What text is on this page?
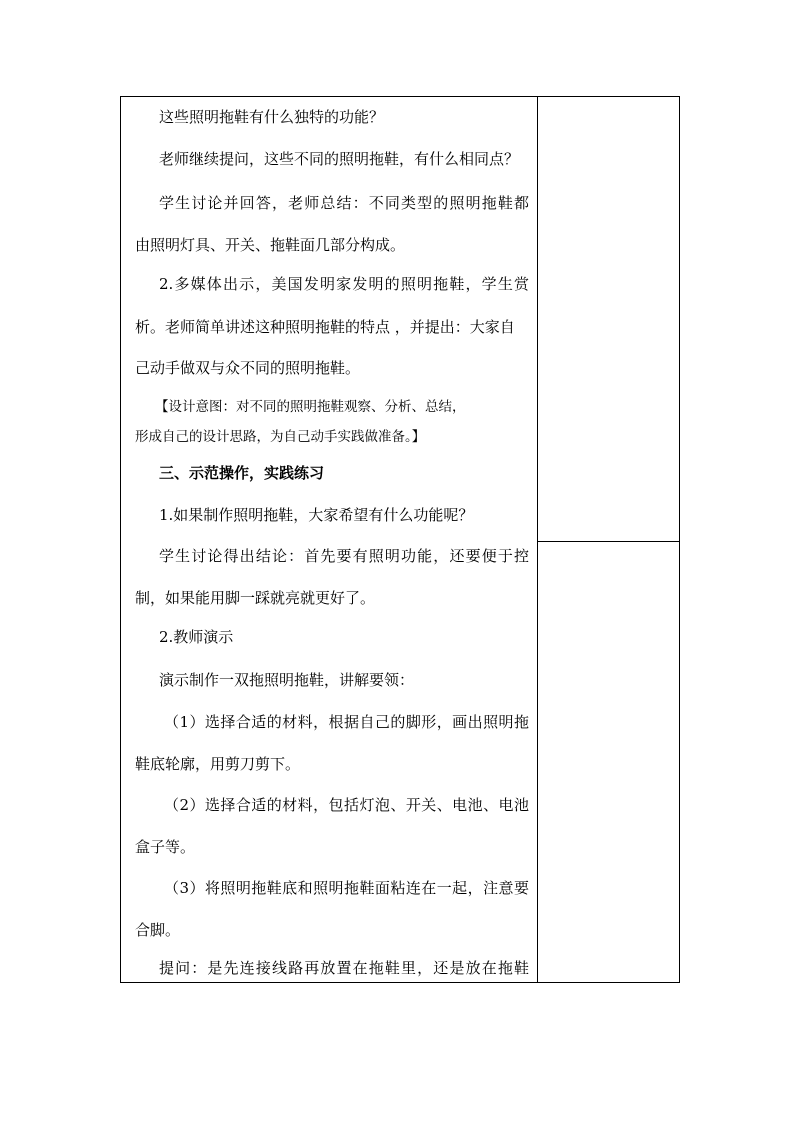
这些照明拖鞋有什么独特的功能？
老师继续提问，这些不同的照明拖鞋，有什么相同点？
学生讨论并回答，老师总结：不同类型的照明拖鞋都
由照明灯具、开关、拖鞋面几部分构成。
2.多媒体出示，美国发明家发明的照明拖鞋，学生赏
析。老师简单讲述这种照明拖鞋的特点 ，并提出：大家自
己动手做双与众不同的照明拖鞋。
【设计意图：对不同的照明拖鞋观察、分析、总结，
形成自己的设计思路，为自己动手实践做准备。】
三、示范操作，实践练习
1.如果制作照明拖鞋，大家希望有什么功能呢？
学生讨论得出结论：首先要有照明功能，还要便于控
制，如果能用脚一踩就亮就更好了。
2.教师演示
演示制作一双拖照明拖鞋，讲解要领：
（1）选择合适的材料，根据自己的脚形，画出照明拖
鞋底轮廓，用剪刀剪下。
（2）选择合适的材料，包括灯泡、开关、电池、电池
盒子等。
（3）将照明拖鞋底和照明拖鞋面粘连在一起，注意要
合脚。
提问：是先连接线路再放置在拖鞋里，还是放在拖鞋
